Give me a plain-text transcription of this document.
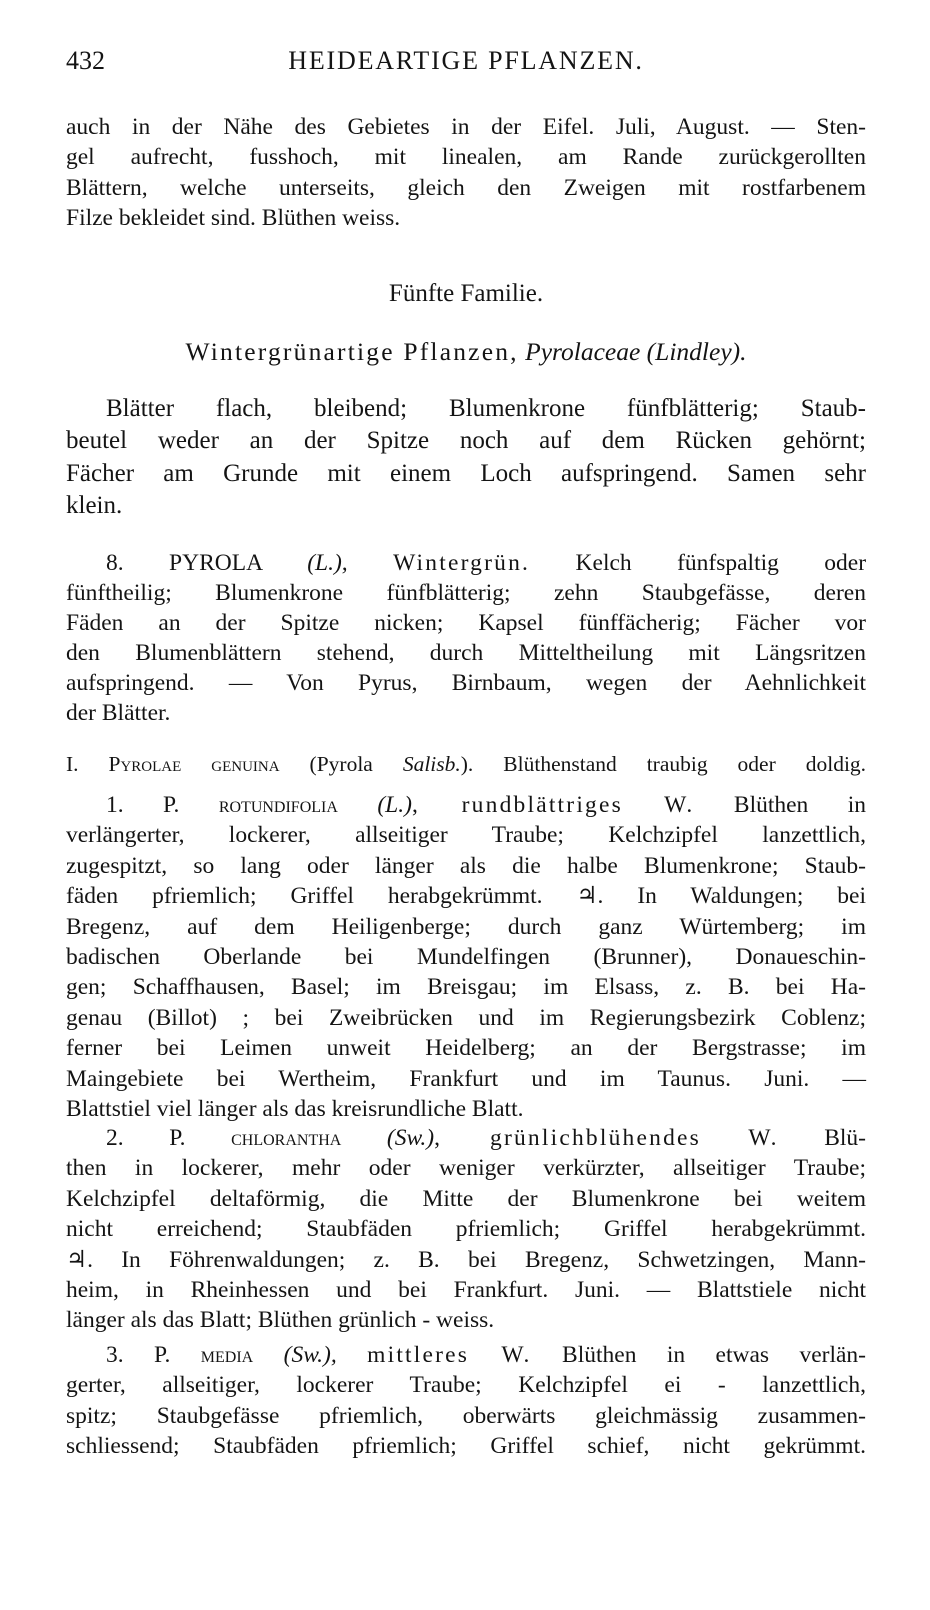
432	HEIDEARTIGE PFLANZEN.
auch in der Nähe des Gebietes in der Eifel. Juli, August. — Sten-
gel aufrecht, fusshoch, mit linealen, am Rande zurückgerollten
Blättern, welche unterseits, gleich den Zweigen mit rostfarbenem
Filze bekleidet sind. Blüthen weiss.
Fünfte Familie.
Wintergrünartige Pflanzen, Pyrolaceae (Lindley).
Blätter flach, bleibend; Blumenkrone fünfblätterig; Staub-
beutel weder an der Spitze noch auf dem Rücken gehörnt;
Fächer am Grunde mit einem Loch aufspringend. Samen sehr
klein.
8. PYROLA (L.), Wintergrün. Kelch fünfspaltig oder
fünftheilig; Blumenkrone fünfblätterig; zehn Staubgefässe, deren
Fäden an der Spitze nicken; Kapsel fünffächerig; Fächer vor
den Blumenblättern stehend, durch Mitteltheilung mit Längsritzen
aufspringend. — Von Pyrus, Birnbaum, wegen der Aehnlichkeit
der Blätter.
I. Pyrolae genuina (Pyrola Salisb.). Blüthenstand traubig oder doldig.
1. P. rotundifolia (L.), rundblättriges W. Blüthen in
verlängerter, lockerer, allseitiger Traube; Kelchzipfel lanzettlich,
zugespitzt, so lang oder länger als die halbe Blumenkrone; Staub-
fäden pfriemlich; Griffel herabgekrümmt. ♃. In Waldungen; bei
Bregenz, auf dem Heiligenberge; durch ganz Würtemberg; im
badischen Oberlande bei Mundelfingen (Brunner), Donaueschin-
gen; Schaffhausen, Basel; im Breisgau; im Elsass, z. B. bei Ha-
genau (Billot) ; bei Zweibrücken und im Regierungsbezirk Coblenz;
ferner bei Leimen unweit Heidelberg; an der Bergstrasse; im
Maingebiete bei Wertheim, Frankfurt und im Taunus. Juni. —
Blattstiel viel länger als das kreisrundliche Blatt.
2. P. chlorantha (Sw.), grünlichblühendes W. Blü-
then in lockerer, mehr oder weniger verkürzter, allseitiger Traube;
Kelchzipfel deltaförmig, die Mitte der Blumenkrone bei weitem
nicht erreichend; Staubfäden pfriemlich; Griffel herabgekrümmt.
♃. In Föhrenwaldungen; z. B. bei Bregenz, Schwetzingen, Mann-
heim, in Rheinhessen und bei Frankfurt. Juni. — Blattstiele nicht
länger als das Blatt; Blüthen grünlich - weiss.
3. P. media (Sw.), mittleres W. Blüthen in etwas verlän-
gerter, allseitiger, lockerer Traube; Kelchzipfel ei - lanzettlich,
spitz; Staubgefässe pfriemlich, oberwärts gleichmässig zusammen-
schliessend; Staubfäden pfriemlich; Griffel schief, nicht gekrümmt.
